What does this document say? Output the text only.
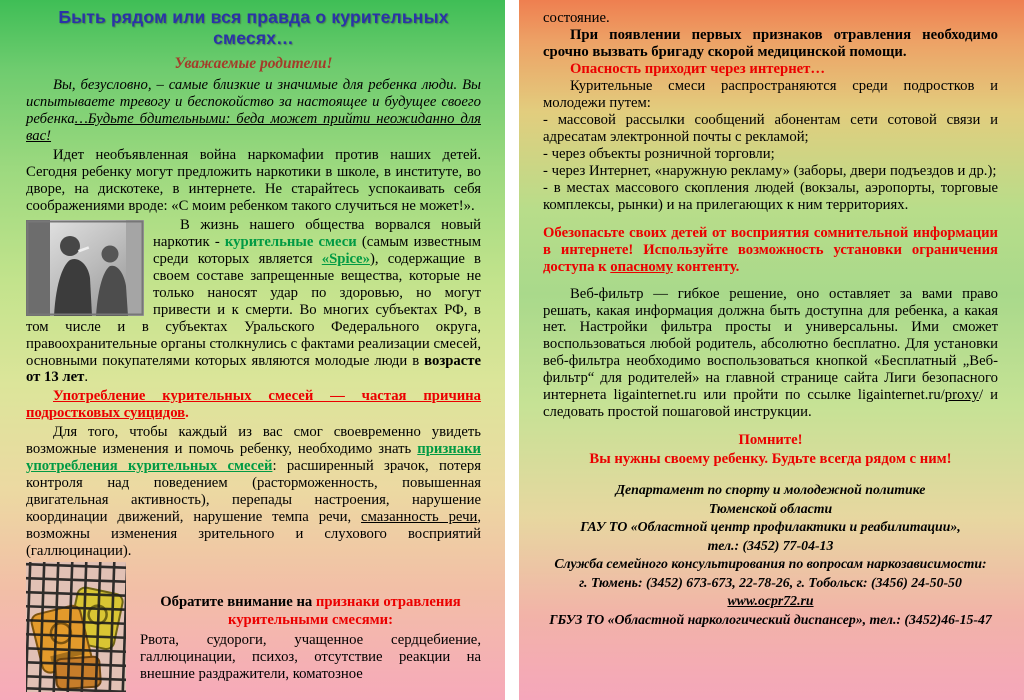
Быть рядом или вся правда о курительных смесях…
Уважаемые родители!
Вы, безусловно, – самые близкие и значимые для ребенка люди. Вы испытываете тревогу и беспокойство за настоящее и будущее своего ребенка…Будьте бдительными: беда может прийти неожиданно для вас!
Идет необъявленная война наркомафии против наших детей. Сегодня ребенку могут предложить наркотики в школе, в институте, во дворе, на дискотеке, в интернете. Не старайтесь успокаивать себя соображениями вроде: «С моим ребенком такого случиться не может!».
В жизнь нашего общества ворвался новый наркотик - курительные смеси (самым известным среди которых является «Spice»), содержащие в своем составе запрещенные вещества, которые не только наносят удар по здоровью, но могут привести и к смерти. Во многих субъектах РФ, в том числе и в субъектах Уральского Федерального округа, правоохранительные органы столкнулись с фактами реализации смесей, основными покупателями которых являются молодые люди в возрасте от 13 лет.
Употребление курительных смесей — частая причина подростковых суицидов.
Для того, чтобы каждый из вас смог своевременно увидеть возможные изменения и помочь ребенку, необходимо знать признаки употребления курительных смесей: расширенный зрачок, потеря контроля над поведением (расторможенность, повышенная двигательная активность), перепады настроения, нарушение координации движений, нарушение темпа речи, смазанность речи, возможны изменения зрительного и слухового восприятий (галлюцинации).
Обратите внимание на признаки отравления курительными смесями:
Рвота, судороги, учащенное сердцебиение, галлюцинации, психоз, отсутствие реакции на внешние раздражители, коматозное
состояние.
При появлении первых признаков отравления необходимо срочно вызвать бригаду скорой медицинской помощи.
Опасность приходит через интернет…
Курительные смеси распространяются среди подростков и молодежи путем:
- массовой рассылки сообщений абонентам сети сотовой связи и адресатам электронной почты с рекламой;
- через объекты розничной торговли;
- через Интернет, «наружную рекламу» (заборы, двери подъездов и др.);
- в местах массового скопления людей (вокзалы, аэропорты, торговые комплексы, рынки) и на прилегающих к ним территориях.
Обезопасьте своих детей от восприятия сомнительной информации в интернете! Используйте возможность установки ограничения доступа к опасному контенту.
Веб-фильтр — гибкое решение, оно оставляет за вами право решать, какая информация должна быть доступна для ребенка, а какая нет. Настройки фильтра просты и универсальны. Ими сможет воспользоваться любой родитель, абсолютно бесплатно. Для установки веб-фильтра необходимо воспользоваться кнопкой «Бесплатный „Веб-фильтр“ для родителей» на главной странице сайта Лиги безопасного интернета ligainternet.ru или пройти по ссылке ligainternet.ru/proxy/ и следовать простой пошаговой инструкции.
Помните!
Вы нужны своему ребенку. Будьте всегда рядом с ним!
Департамент по спорту и молодежной политике
Тюменской области
ГАУ ТО «Областной центр профилактики и реабилитации»,
тел.: (3452) 77-04-13
Служба семейного консультирования по вопросам наркозависимости:
г. Тюмень: (3452) 673-673, 22-78-26, г. Тобольск: (3456) 24-50-50
www.ocpr72.ru
ГБУЗ ТО «Областной наркологический диспансер», тел.: (3452)46-15-47
